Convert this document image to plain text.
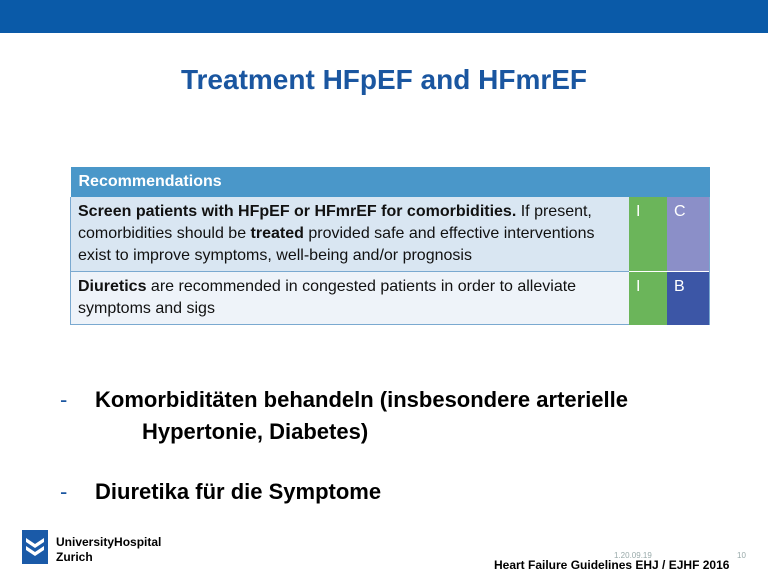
Treatment HFpEF and HFmrEF
Recommendations		
Screen patients with HFpEF or HFmrEF for comorbidities. If present, comorbidities should be treated provided safe and effective interventions exist to improve symptoms, well-being and/or prognosis	I	C
Diuretics are recommended in congested patients in order to alleviate symptoms and sigs	I	B
- Komorbiditäten behandeln (insbesondere arterielle
Hypertonie, Diabetes)
- Diuretika für die Symptome
UniversityHospital
Zurich	1.20.09.19	10
Heart Failure Guidelines EHJ / EJHF 2016
